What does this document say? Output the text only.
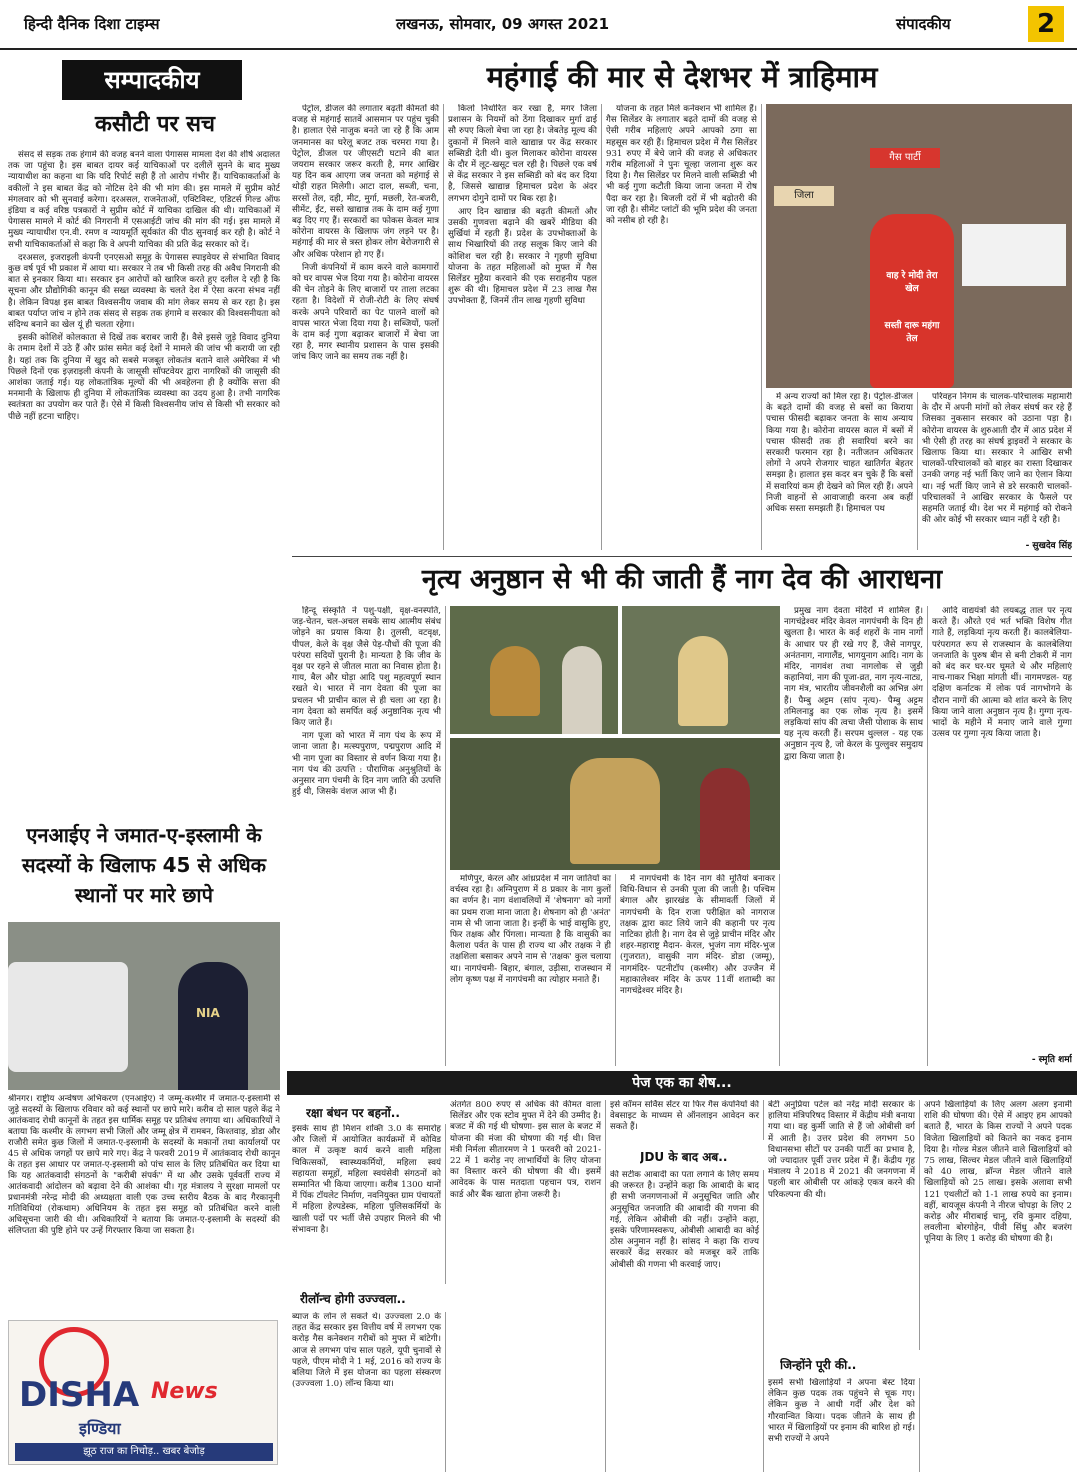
हिन्दी दैनिक दिशा टाइम्स	लखनऊ, सोमवार, 09 अगस्त 2021	संपादकीय	2
सम्पादकीय
कसौटी पर सच

संसद से सड़क तक हंगामे की वजह बनने वाला पेगासस मामला देश की शीर्ष अदालत तक जा पहुंचा है। इस बाबत दायर कई याचिकाओं पर दलीलें सुनने के बाद मुख्य न्यायाधीश का कहना था कि यदि रिपोर्ट सही हैं तो आरोप गंभीर हैं। याचिकाकर्ताओं के वकीलों ने इस बाबत केंद्र को नोटिस देने की भी मांग की। इस मामले में सुप्रीम कोर्ट मंगलवार को भी सुनवाई करेगा। दरअसल, राजनेताओं, एक्टिविस्ट, एडिटर्स गिल्ड ऑफ इंडिया व कई वरिष्ठ पत्रकारों ने सुप्रीम कोर्ट में याचिका दाखिल की थी। याचिकाओं में पेगासस मामले में कोर्ट की निगरानी में एसआईटी जांच की मांग की गई। इस मामले में मुख्य न्यायाधीश एन.वी. रमण व न्यायमूर्ति सूर्यकांत की पीठ सुनवाई कर रही है। कोर्ट ने सभी याचिकाकर्ताओं से कहा कि वे अपनी याचिका की प्रति केंद्र सरकार को दें।

दरअसल, इजराइली कंपनी एनएसओ समूह के पेगासस स्पाइवेयर से संभावित विवाद कुछ वर्ष पूर्व भी प्रकाश में आया था। सरकार ने तब भी किसी तरह की अवैध निगरानी की बात से इनकार किया था। सरकार इन आरोपों को खारिज करते हुए दलील दे रही है कि सूचना और प्रौद्योगिकी कानून की सख्त व्यवस्था के चलते देश में ऐसा करना संभव नहीं है। लेकिन विपक्ष इस बाबत विश्वसनीय जवाब की मांग लेकर समय से कर रहा है। इस बाबत पर्याप्त जांच न होने तक संसद से सड़क तक हंगामे व सरकार की विश्वसनीयता को संदिग्ध बनाने का खेल यूं ही चलता रहेगा।

इसकी कोशिशें कोलकाता से दिखें तक बराबर जारी हैं। वैसे इससे जुड़े विवाद दुनिया के तमाम देशों में उठे हैं और फ्रांस समेत कई देशों ने मामले की जांच भी करायी जा रही है। यहां तक कि दुनिया में खुद को सबसे मजबूत लोकतंत्र बताने वाले अमेरिका में भी पिछले दिनों एक इज़राइली कंपनी के जासूसी सॉफ्टवेयर द्वारा नागरिकों की जासूसी की आशंका जताई गई। यह लोकतांत्रिक मूल्यों की भी अवहेलना ही है क्योंकि सत्ता की मनमानी के खिलाफ ही दुनिया में लोकतांत्रिक व्यवस्था का उदय हुआ है। तभी नागरिक स्वतंत्रता का उपयोग कर पाते हैं। ऐसे में किसी विश्वसनीय जांच से किसी भी सरकार को पीछे नहीं हटना चाहिए।

एनआईए ने जमात-ए-इस्लामी के सदस्यों के खिलाफ 45 से अधिक स्थानों पर मारे छापे
NIA
श्रीनगर। राष्ट्रीय अन्वेषण अभिकरण (एनआईए) ने जम्मू-कश्मीर में जमात-ए-इस्लामी से जुड़े सदस्यों के खिलाफ रविवार को कई स्थानों पर छापे मारे। करीब दो साल पहले केंद्र ने आतंकवाद रोधी कानूनों के तहत इस धार्मिक समूह पर प्रतिबंध लगाया था। अधिकारियों ने बताया कि कश्मीर के लगभग सभी जिलों और जम्मू क्षेत्र में रामबन, किश्तवाड़, डोडा और राजौरी समेत कुछ जिलों में जमात-ए-इस्लामी के सदस्यों के मकानों तथा कार्यालयों पर 45 से अधिक जगहों पर छापे मारे गए। केंद्र ने फरवरी 2019 में आतंकवाद रोधी कानून के तहत इस आधार पर जमात-ए-इस्लामी को पांच साल के लिए प्रतिबंधित कर दिया था कि यह आतंकवादी संगठनों के "करीबी संपर्क" में था और उसके पूर्ववर्ती राज्य में आतंकवादी आंदोलन को बढ़ावा देने की आशंका थी। गृह मंत्रालय ने सुरक्षा मामलों पर प्रधानमंत्री नरेन्द्र मोदी की अध्यक्षता वाली एक उच्च स्तरीय बैठक के बाद गैरकानूनी गतिविधियां (रोकथाम) अधिनियम के तहत इस समूह को प्रतिबंधित करने वाली अधिसूचना जारी की थी। अधिकारियों ने बताया कि जमात-ए-इस्लामी के सदस्यों की संलिप्तता की पुष्टि होने पर उन्हें गिरफ्तार किया जा सकता है।
DISHA News
इण्डिया
झूठ राज का निचोड़.. खबर बेजोड़
महंगाई की मार से देशभर में त्राहिमाम

पेट्रोल, डीजल की लगातार बढ़ती कीमतों की वजह से महंगाई सातवें आसमान पर पहुंच चुकी है। हालात ऐसे नाजुक बनते जा रहे हैं कि आम जनमानस का घरेलू बजट तक चरमरा गया है। पेट्रोल, डीजल पर जीएसटी घटाने की बात जयराम सरकार जरूर करती है, मगर आखिर यह दिन कब आएगा जब जनता को महंगाई से थोड़ी राहत मिलेगी। आटा दाल, सब्जी, चना, सरसों तेल, दही, मीट, मुर्गा, मछली, रेत-बजरी, सीमेंट, ईंट, सस्ते खाद्यान्न तक के दाम कई गुणा बढ़ दिए गए हैं। सरकारों का फोकस केवल मात्र कोरोना वायरस के खिलाफ जंग लड़ने पर है। महंगाई की मार से त्रस्त होकर लोग बेरोजगारी से और अधिक परेशान हो गए हैं।

निजी कंपनियों में काम करने वाले कामगारों को घर वापस भेज दिया गया है। कोरोना वायरस की चेन तोड़ने के लिए बाजारों पर ताला लटका रहता है। विदेशों में रोजी-रोटी के लिए संघर्ष करके अपने परिवारों का पेट पालने वालों को वापस भारत भेजा दिया गया है। सब्जियों, फलों के दाम कई गुणा बढ़ाकर बाजारों में बेचा जा रहा है, मगर स्थानीय प्रशासन के पास इसकी जांच किए जाने का समय तक नहीं है।

किलो निर्धारित कर रखा है, मगर जिला प्रशासन के नियमों को ठेंगा दिखाकर मुर्गा ढाई सौ रुपए किलो बेचा जा रहा है। जेबतेड़ मूल्य की दुकानों में मिलने वाले खाद्यान्न पर केंद्र सरकार सब्सिडी देती थी। कुल मिलाकर कोरोना वायरस के दौर में लूट-खसूट चल रही है। पिछले एक वर्ष से केंद्र सरकार ने इस सब्सिडी को बंद कर दिया है, जिससे खाद्यान्न हिमाचल प्रदेश के अंदर लगभग दोगुने दामों पर बिक रहा है।

आए दिन खाद्यान्न की बढ़ती कीमतों और उसकी गुणवत्ता बढ़ाने की खबरें मीडिया की सुर्खियां में रहती हैं। प्रदेश के उपभोक्ताओं के साथ भिखारियों की तरह सलूक किए जाने की कोशिश चल रही है। सरकार ने गृहणी सुविधा योजना के तहत महिलाओं को मुफ्त में गैस सिलेंडर मुहैया करवाने की एक सराहनीय पहल शुरू की थी। हिमाचल प्रदेश में 23 लाख गैस उपभोक्ता हैं, जिनमें तीन लाख गृहणी सुविधा

योजना के तहत मिले कनेक्शन भी शामिल हैं। गैस सिलेंडर के लगातार बढ़ते दामों की वजह से ऐसी गरीब महिलाएं अपने आपको ठगा सा महसूस कर रही हैं। हिमाचल प्रदेश में गैस सिलेंडर 931 रुपए में बेचे जाने की वजह से अधिकतर गरीब महिलाओं ने पुनः चूल्हा जलाना शुरू कर दिया है। गैस सिलेंडर पर मिलने वाली सब्सिडी भी भी कई गुणा कटौती किया जाना जनता में रोष पैदा कर रहा है। बिजली दरों में भी बढ़ोतरी की जा रही है। सीमेंट प्लांटों की भूमि प्रदेश की जनता को नसीब हो रही है।

गैस पार्टी
जिला
वाह रे मोदी तेरा खेल
सस्ती दारू महंगा तेल

में अन्य राज्यों को मिल रहा है। पेट्रोल-डीजल के बढ़ते दामों की वजह से बसों का किराया पचास फीसदी बढ़ाकर जनता के साथ अन्याय किया गया है। कोरोना वायरस काल में बसों में पचास फीसदी तक ही सवारियां बरने का सरकारी फरमान रहा है। नतीजतन अधिकतर लोगों ने अपने रोजगार चाहत खातिर्गत बेहतर समझा है। हालात इस कदर बन चुके हैं कि बसों में सवारियां कम ही देखने को मिल रही हैं। अपने निजी वाहनों से आवाजाही करना अब कहीं अधिक सस्ता समझती हैं। हिमाचल पथ

परिवहन निगम के चालक-परिचालक महामारी के दौर में अपनी मांगों को लेकर संघर्ष कर रहे हैं जिसका नुकसान सरकार को उठाना पड़ा है। कोरोना वायरस के शुरुआती दौर में आठ प्रदेश में भी ऐसी ही तरह का संघर्ष ड्राइवरों ने सरकार के खिलाफ किया था। सरकार ने आखिर सभी चालकों-परिचालकों को बाहर का रास्ता दिखाकर उनकी जगह नई भर्ती किए जाने का ऐलान किया था। नई भर्ती किए जाने से डरे सरकारी चालकों-परिचालकों ने आखिर सरकार के फैसले पर सहमति जताई थी। देश भर में महंगाई को रोकने की ओर कोई भी सरकार ध्यान नहीं दे रही है।

- सुखदेव सिंह
नृत्य अनुष्ठान से भी की जाती हैं नाग देव की आराधना

हिन्दू संस्कृति ने पशु-पक्षी, वृक्ष-वनस्पति, जड़-चेतन, चल-अचल सबके साथ आत्मीय संबंध जोड़ने का प्रयास किया है। तुलसी, वटवृक्ष, पीपल, केले के वृक्ष जैसे पेड़-पौधों की पूजा की परंपरा सदियों पुरानी है। मान्यता है कि जीव के वृक्ष पर रहने से जीतल माता का निवास होता है। गाय, बैल और घोड़ा आदि पशु महत्वपूर्ण स्थान रखते थे। भारत में नाग देवता की पूजा का प्रचलन भी प्राचीन काल से ही चला आ रहा है। नाग देवता को समर्पित कई अनुष्ठानिक नृत्य भी किए जाते हैं।

नाग पूजा को भारत में नाग पंथ के रूप में जाना जाता है। मत्स्यपुराण, पद्मपुराण आदि में भी नाग पूजा का विस्तार से वर्णन किया गया है। नाग पंथ की उत्पत्ति : पौराणिक अनुश्रुतियों के अनुसार नाग पंचमी के दिन नाग जाति की उत्पत्ति हुई थी, जिसके वंशज आज भी हैं।

मणिपुर, केरल और आंध्रप्रदेश में नाग जातियों का वर्चस्व रहा है। अग्निपुराण में 8 प्रकार के नाग कुलों का वर्णन है। नाग वंशावलियों में 'शेषनाग' को नागों का प्रथम राजा माना जाता है। शेषनाग को ही 'अनंत' नाम से भी जाना जाता है। इन्हीं के भाई वासुकि हुए, फिर तक्षक और पिंगला। मान्यता है कि वासुकी का कैलाश पर्वत के पास ही राज्य था और तक्षक ने ही तक्षशिला बसाकर अपने नाम से 'तक्षक' कुल चलाया था। नागपंचमी- बिहार, बंगाल, उड़ीसा, राजस्थान में लोग कृष्ण पक्ष में नागपंचमी का त्योहार मनाते हैं।

में नागपंचमी के दिन नाग की मूर्तियां बनाकर विधि-विधान से उनकी पूजा की जाती है। पश्चिम बंगाल और झारखंड के सीमावर्ती जिलों में नागपंचमी के दिन राजा परीक्षित को नागराज तक्षक द्वारा काट लिये जाने की कहानी पर नृत्य नाटिका होती है। नाग देव से जुड़े प्राचीन मंदिर और शहर-महाराष्ट्र मैदान- केरल, भुजंग नाग मंदिर-भुज (गुजरात), वासुकी नाग मंदिर- डोडा (जम्मू), नागमंदिर- पटनीटॉप (कश्मीर) और उज्जैन में महाकालेश्वर मंदिर के ऊपर 11वीं शताब्दी का नागचंद्रेश्वर मंदिर है।

प्रमुख नाग देवता मंदिरों में शामिल हैं। नागचंद्रेश्वर मंदिर केवल नागपंचमी के दिन ही खुलता है। भारत के कई शहरों के नाम नागों के आधार पर ही रखे गए हैं, जैसे नागपुर, अनंतनाग, नागालैंड, भागयुनाग आदि। नाग के मंदिर, नागवंश तथा नागलोक से जुड़ी कहानियां, नाग की पूजा-व्रत, नाग नृत्य-नाट्य, नाग मंत्र, भारतीय जीवनशैली का अभिन्न अंग हैं। पैम्बु अट्टम (सांप नृत्य)- पैम्बु अट्टम तमिलनाडु का एक लोक नृत्य है। इसमें लड़कियां सांप की त्वचा जैसी पोशाक के साथ यह नृत्य करती हैं। सरपम थुल्लल - यह एक अनुष्ठान नृत्य है, जो केरल के पुल्लुवर समुदाय द्वारा किया जाता है।

आदि वाद्ययंत्रों की लयबद्ध ताल पर नृत्य करते हैं। औरते एवं भर्त भक्ति विशेष गीत गाते हैं, लड़कियां नृत्य करती हैं। कालबेलिया- परंपरागत रूप से राजस्थान के कालबेलिया जनजाति के पुरुष बीन से बनी टोकरी में नाग को बंद कर घर-घर घूमते थे और महिलाएं नाच-गाकर भिक्षा मांगती थीं। नागमण्डल- यह दक्षिण कर्नाटक में लोक पर्व नागभोगने के दौरान नागों की आत्मा को शांत करने के लिए किया जाने वाला अनुष्ठान नृत्य है। गुग्गा नृत्य- भादों के महीने में मनाए जाने वाले गुग्गा उत्सव पर गुग्गा नृत्य किया जाता है।

- स्मृति शर्मा
पेज एक का शेष...
रक्षा बंधन पर बहनों..
इसके साथ ही मिशन शक्ति 3.0 के समारोह और जिलों में आयोजित कार्यक्रमों में कोविड काल में उत्कृष्ट कार्य करने वाली महिला चिकित्सकों, स्वास्थ्यकर्मियों, महिला स्वयं सहायता समूहों, महिला स्वयंसेवी संगठनों को सम्मानित भी किया जाएगा। करीब 1300 थानों में पिंक टॉयलेट निर्माण, नवनियुक्त ग्राम पंचायतों में महिला हेल्पडेस्क, महिला पुलिसकर्मियों के खाली पदों पर भर्ती जैसे उपहार मिलने की भी संभावना है।
रीलॉन्च होगी उज्ज्वला..
ब्याज के लोन ले सकते थे। उज्ज्वला 2.0 के तहत केंद्र सरकार इस वित्तीय वर्ष में लगभग एक करोड़ गैस कनेक्शन गरीबों को मुफ्त में बांटेगी। आज से लगभग पांच साल पहले, यूपी चुनावों से पहले, पीएम मोदी ने 1 मई, 2016 को राज्य के बलिया जिले में इस योजना का पहला संस्करण (उज्ज्वला 1.0) लॉन्च किया था।
अंतर्गत 800 रुपए से अधिक की कीमत वाला सिलेंडर और एक स्टोव मुफ्त में देने की उम्मीद है। बजट में की गई थी घोषणा- इस साल के बजट में योजना की मंजा की घोषणा की गई थी। वित्त मंत्री निर्मला सीतारमण ने 1 फरवरी को 2021-22 में 1 करोड़ नए लाभार्थियों के लिए योजना का विस्तार करने की घोषणा की थी। इसमें आवेदक के पास मतदाता पहचान पत्र, राशन कार्ड और बैंक खाता होना जरूरी है।
इसे कॉमन सर्विस सेंटर या फिर गैस कंपनियों की वेबसाइट के माध्यम से ऑनलाइन आवेदन कर सकते हैं।
JDU के बाद अब..
की सटीक आबादी का पता लगाने के लिए समय की जरूरत है। उन्होंने कहा कि आबादी के बाद ही सभी जनगणनाओं में अनुसूचित जाति और अनुसूचित जनजाति की आबादी की गणना की गई, लेकिन ओबीसी की नहीं। उन्होंने कहा, इसके परिणामस्वरूप, ओबीसी आबादी का कोई ठोस अनुमान नहीं है। सांसद ने कहा कि राज्य सरकारें केंद्र सरकार को मजबूर करें ताकि ओबीसी की गणना भी करवाई जाए।
बेटी अनुप्रिया पटेल को नरेंद्र मोदी सरकार के हालिया मंत्रिपरिषद विस्तार में केंद्रीय मंत्री बनाया गया था। वह कुर्मी जाति से हैं जो ओबीसी वर्ग में आती है। उत्तर प्रदेश की लगभग 50 विधानसभा सीटों पर उनकी पार्टी का प्रभाव है, जो ज्यादातर पूर्वी उत्तर प्रदेश में हैं। केंद्रीय गृह मंत्रालय ने 2018 में 2021 की जनगणना में पहली बार ओबीसी पर आंकड़े एकत्र करने की परिकल्पना की थी।
जिन्होंने पूरी की..
इसमें सभी खिलाड़ियों ने अपना बेस्ट दिया लेकिन कुछ पदक तक पहुंचने से चूक गए। लेकिन कुछ ने आधी गर्दी और देश को गौरवान्वित किया। पदक जीतने के साथ ही भारत में खिलाड़ियों पर इनाम की बारिश हो गई। सभी राज्यों ने अपने
अपने खिलाड़ियों के लिए अलग अलग इनामी राशि की घोषणा की। ऐसे में आइए हम आपको बताते हैं, भारत के किस राज्यों ने अपने पदक विजेता खिलाड़ियों को कितने का नकद इनाम दिया है। गोल्ड मेडल जीतने वाले खिलाड़ियों को 75 लाख, सिल्वर मेडल जीतने वाले खिलाड़ियों को 40 लाख, ब्रॉन्ज मेडल जीतने वाले खिलाड़ियों को 25 लाख। इसके अलावा सभी 121 एथलीटों को 1-1 लाख रुपये का इनाम। वहीं, बायजूस कंपनी ने नीरज चोपड़ा के लिए 2 करोड़ और मीराबाई चानू, रवि कुमार दहिया, लवलीना बोरगोहेन, पीवी सिंधु और बजरंग पूनिया के लिए 1 करोड़ की घोषणा की है।
